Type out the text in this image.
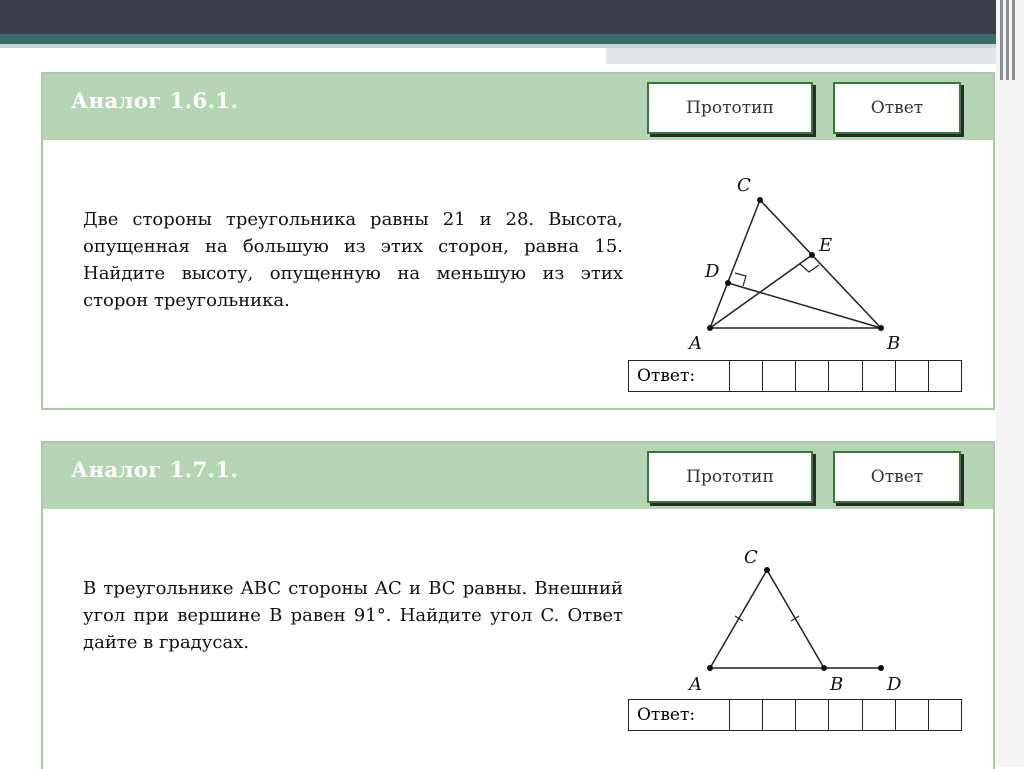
Аналог 1.6.1.	Прототип	Ответ
Две стороны треугольника равны 21 и 28. Высота, опущенная на большую из этих сторон, равна 15. Найдите высоту, опущенную на меньшую из этих сторон треугольника.
C
E
D
A	B
Ответ:
Аналог 1.7.1.	Прототип	Ответ
В треугольнике ABC стороны AC и BC равны. Внешний угол при вершине B равен 91°. Найдите угол C. Ответ дайте в градусах.
C
A	B D
Ответ:
